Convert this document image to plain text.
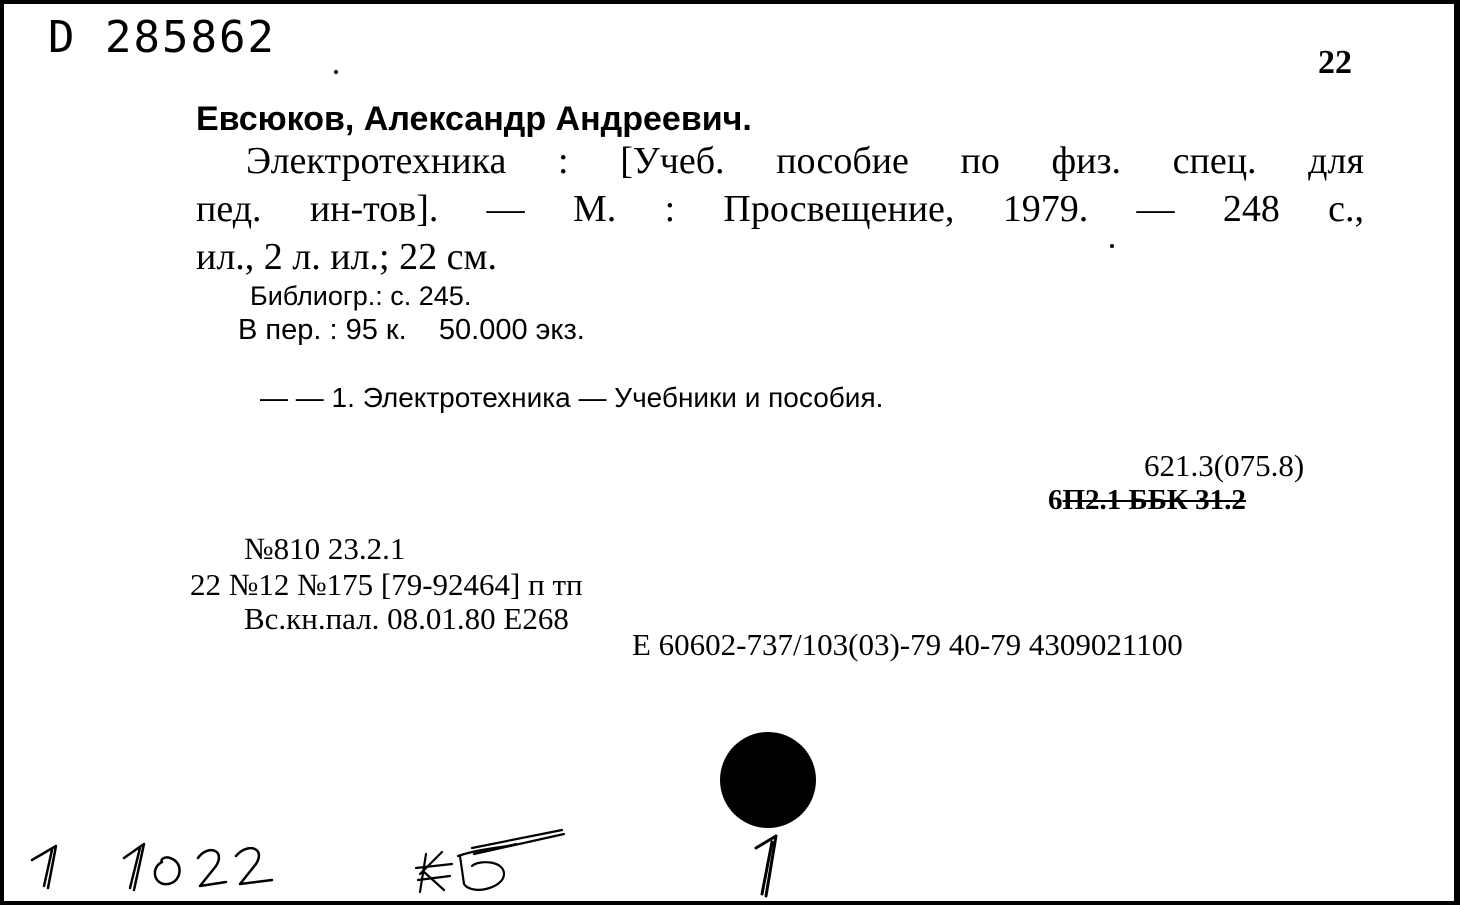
D 285862	22
Евсюков, Александр Андреевич.
Электротехника : [Учеб. пособие по физ. спец. для
пед. ин-тов]. — М. : Просвещение, 1979. — 248 с.,
ил., 2 л. ил.; 22 см.
Библиогр.: с. 245.
В пер. : 95 к.    50.000 экз.
— — 1. Электротехника — Учебники и пособия.
621.3(075.8)
6П2.1 ББК 31.2
№810 23.2.1
22 №12 №175 [79-92464] п тп
Вс.кн.пал. 08.01.80 Е268
Е 60602-737/103(03)-79 40-79 4309021100
